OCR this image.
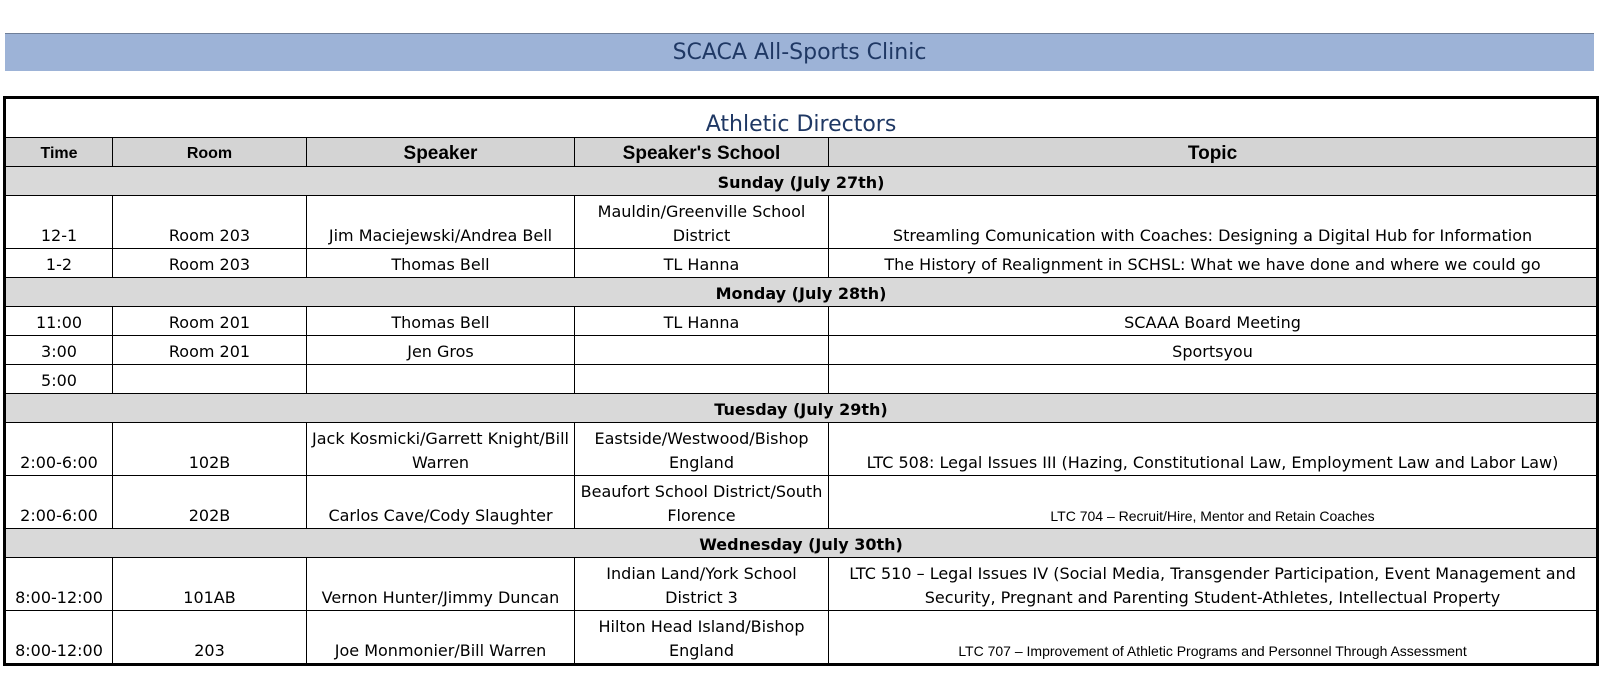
SCACA All-Sports Clinic
Athletic Directors				
Time	Room	Speaker	Speaker's School	Topic
Sunday (July 27th)				
12-1	Room 203	Jim Maciejewski/Andrea Bell	Mauldin/Greenville School District	Streamling Comunication with Coaches: Designing a Digital Hub for Information
1-2	Room 203	Thomas Bell	TL Hanna	The History of Realignment in SCHSL: What we have done and where we could go
Monday (July 28th)				
11:00	Room 201	Thomas Bell	TL Hanna	SCAAA Board Meeting
3:00	Room 201	Jen Gros		Sportsyou
5:00				
Tuesday (July 29th)				
2:00-6:00	102B	Jack Kosmicki/Garrett Knight/Bill Warren	Eastside/Westwood/Bishop England	LTC 508: Legal Issues III (Hazing, Constitutional Law, Employment Law and Labor Law)
2:00-6:00	202B	Carlos Cave/Cody Slaughter	Beaufort School District/South Florence	LTC 704 – Recruit/Hire, Mentor and Retain Coaches
Wednesday (July 30th)				
8:00-12:00	101AB	Vernon Hunter/Jimmy Duncan	Indian Land/York School District 3	LTC 510 – Legal Issues IV (Social Media, Transgender Participation, Event Management and Security, Pregnant and Parenting Student-Athletes, Intellectual Property
8:00-12:00	203	Joe Monmonier/Bill Warren	Hilton Head Island/Bishop England	LTC 707 – Improvement of Athletic Programs and Personnel Through Assessment
